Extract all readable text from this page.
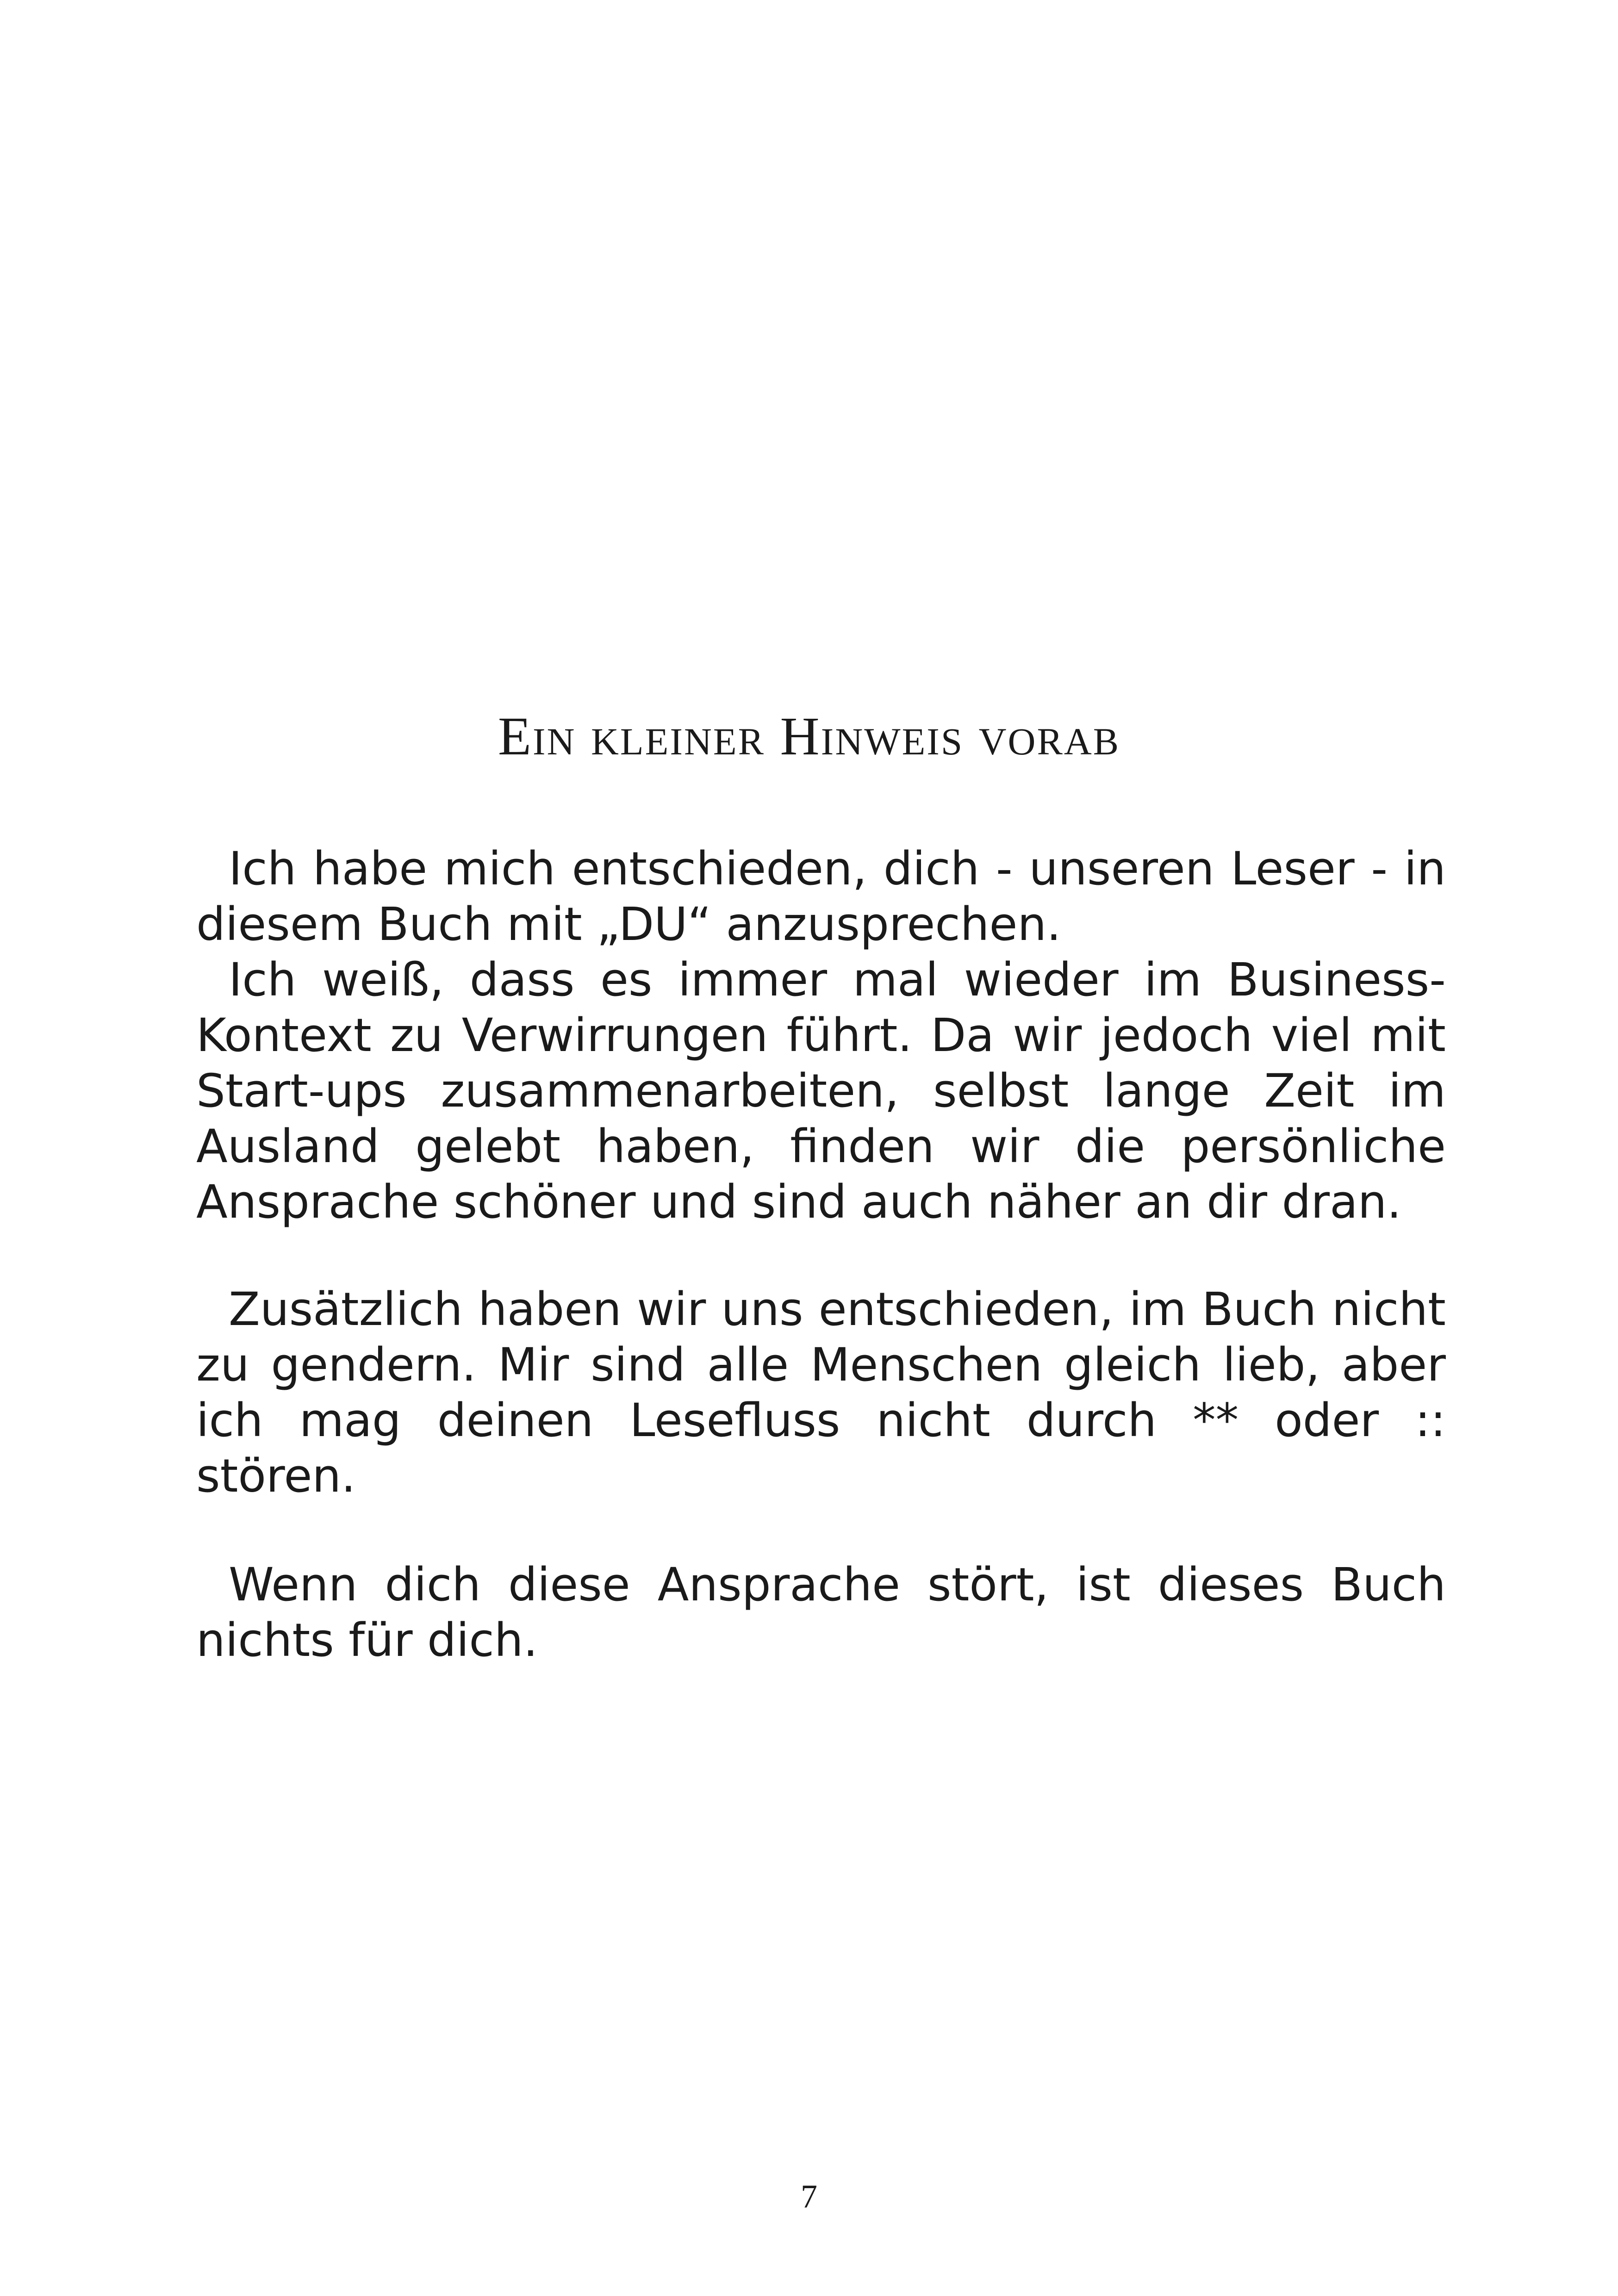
Ein kleiner Hinweis vorab

Ich habe mich entschieden, dich - unseren Leser - in diesem Buch mit „DU“ anzusprechen.

Ich weiß, dass es immer mal wieder im Business-Kontext zu Verwirrungen führt. Da wir jedoch viel mit Start-ups zusammenarbeiten, selbst lange Zeit im Ausland gelebt haben, finden wir die persönliche Ansprache schöner und sind auch näher an dir dran.

Zusätzlich haben wir uns entschieden, im Buch nicht zu gendern. Mir sind alle Menschen gleich lieb, aber ich mag deinen Lesefluss nicht durch ** oder :: stören.

Wenn dich diese Ansprache stört, ist dieses Buch nichts für dich.

7
